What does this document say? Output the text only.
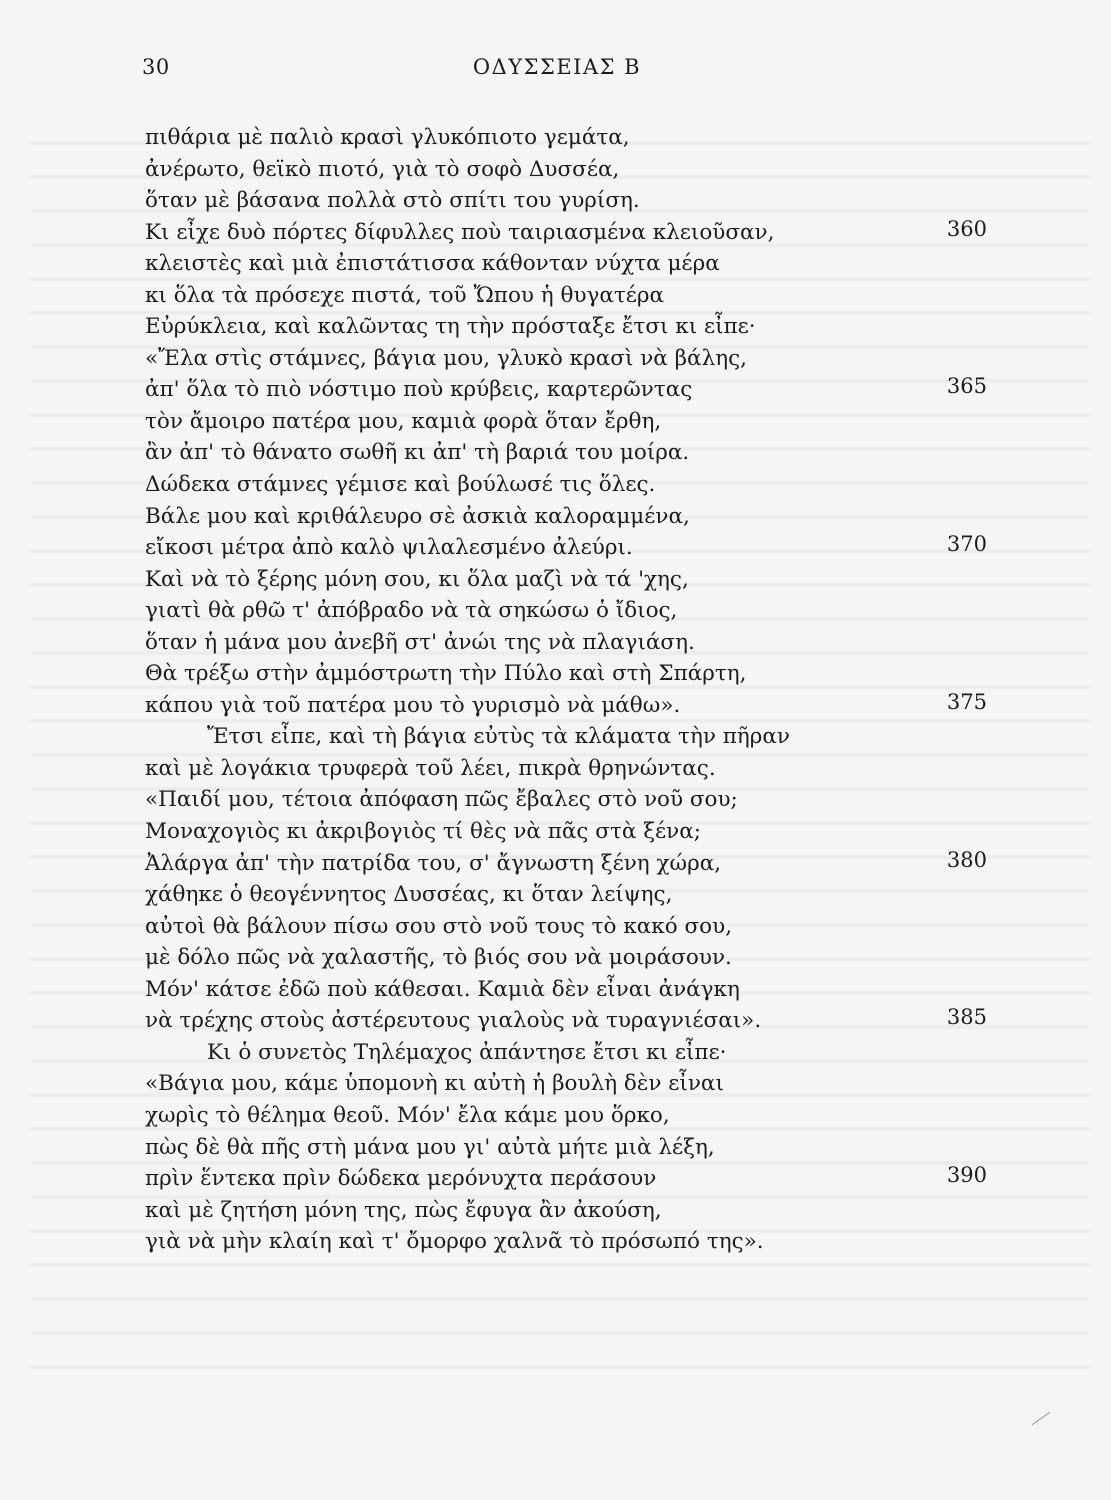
30	ΟΔΥΣΣΕΙΑΣ Β
πιθάρια μὲ παλιὸ κρασὶ γλυκόπιοτο γεμάτα,
ἀνέρωτο, θεϊκὸ πιοτό, γιὰ τὸ σοφὸ Δυσσέα,
ὅταν μὲ βάσανα πολλὰ στὸ σπίτι του γυρίση.
Κι εἶχε δυὸ πόρτες δίφυλλες ποὺ ταιριασμένα κλειοῦσαν,	360
κλειστὲς καὶ μιὰ ἐπιστάτισσα κάθονταν νύχτα μέρα
κι ὅλα τὰ πρόσεχε πιστά, τοῦ Ὤπου ἡ θυγατέρα
Εὐρύκλεια, καὶ καλῶντας τη τὴν πρόσταξε ἔτσι κι εἶπε·
«Ἔλα στὶς στάμνες, βάγια μου, γλυκὸ κρασὶ νὰ βάλης,
ἀπ' ὅλα τὸ πιὸ νόστιμο ποὺ κρύβεις, καρτερῶντας	365
τὸν ἄμοιρο πατέρα μου, καμιὰ φορὰ ὅταν ἔρθη,
ἂν ἀπ' τὸ θάνατο σωθῆ κι ἀπ' τὴ βαριά του μοίρα.
Δώδεκα στάμνες γέμισε καὶ βούλωσέ τις ὅλες.
Βάλε μου καὶ κριθάλευρο σὲ ἀσκιὰ καλοραμμένα,
εἴκοσι μέτρα ἀπὸ καλὸ ψιλαλεσμένο ἀλεύρι.	370
Καὶ νὰ τὸ ξέρης μόνη σου, κι ὅλα μαζὶ νὰ τά 'χης,
γιατὶ θὰ ρθῶ τ' ἀπόβραδο νὰ τὰ σηκώσω ὁ ἴδιος,
ὅταν ἡ μάνα μου ἀνεβῆ στ' ἀνώι της νὰ πλαγιάση.
Θὰ τρέξω στὴν ἀμμόστρωτη τὴν Πύλο καὶ στὴ Σπάρτη,
κάπου γιὰ τοῦ πατέρα μου τὸ γυρισμὸ νὰ μάθω».	375
Ἔτσι εἶπε, καὶ τὴ βάγια εὐτὺς τὰ κλάματα τὴν πῆραν
καὶ μὲ λογάκια τρυφερὰ τοῦ λέει, πικρὰ θρηνώντας.
«Παιδί μου, τέτοια ἀπόφαση πῶς ἔβαλες στὸ νοῦ σου;
Μοναχογιὸς κι ἀκριβογιὸς τί θὲς νὰ πᾶς στὰ ξένα;
Ἀλάργα ἀπ' τὴν πατρίδα του, σ' ἄγνωστη ξένη χώρα,	380
χάθηκε ὁ θεογέννητος Δυσσέας, κι ὅταν λείψης,
αὐτοὶ θὰ βάλουν πίσω σου στὸ νοῦ τους τὸ κακό σου,
μὲ δόλο πῶς νὰ χαλαστῆς, τὸ βιός σου νὰ μοιράσουν.
Μόν' κάτσε ἐδῶ ποὺ κάθεσαι. Καμιὰ δὲν εἶναι ἀνάγκη
νὰ τρέχης στοὺς ἀστέρευτους γιαλοὺς νὰ τυραγνιέσαι».	385
Κι ὁ συνετὸς Τηλέμαχος ἀπάντησε ἔτσι κι εἶπε·
«Βάγια μου, κάμε ὑπομονὴ κι αὐτὴ ἡ βουλὴ δὲν εἶναι
χωρὶς τὸ θέλημα θεοῦ. Μόν' ἔλα κάμε μου ὅρκο,
πὼς δὲ θὰ πῆς στὴ μάνα μου γι' αὐτὰ μήτε μιὰ λέξη,
πρὶν ἕντεκα πρὶν δώδεκα μερόνυχτα περάσουν	390
καὶ μὲ ζητήση μόνη της, πὼς ἔφυγα ἂν ἀκούση,
γιὰ νὰ μὴν κλαίη καὶ τ' ὄμορφο χαλνᾶ τὸ πρόσωπό της».
